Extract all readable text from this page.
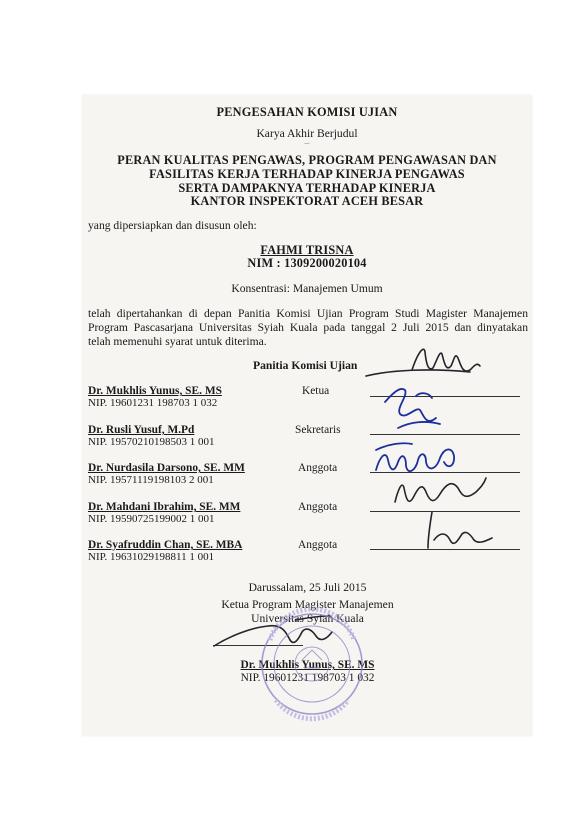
PENGESAHAN KOMISI UJIAN
Karya Akhir Berjudul
–
PERAN KUALITAS PENGAWAS, PROGRAM PENGAWASAN DAN
FASILITAS KERJA TERHADAP KINERJA PENGAWAS
SERTA DAMPAKNYA TERHADAP KINERJA
KANTOR INSPEKTORAT ACEH BESAR
yang dipersiapkan dan disusun oleh:
FAHMI TRISNA
NIM : 1309200020104
Konsentrasi: Manajemen Umum
telah dipertahankan di depan Panitia Komisi Ujian Program Studi Magister Manajemen
Program Pascasarjana Universitas Syiah Kuala pada tanggal 2 Juli 2015 dan dinyatakan
telah memenuhi syarat untuk diterima.
Panitia Komisi Ujian
Dr. Mukhlis Yunus, SE. MS
NIP. 19601231 198703 1 032
Ketua
Dr. Rusli Yusuf, M.Pd
NIP. 19570210198503 1 001
Sekretaris
Dr. Nurdasila Darsono, SE. MM
NIP. 19571119198103 2 001
Anggota
Dr. Mahdani Ibrahim, SE. MM
NIP. 19590725199002 1 001
Anggota
Dr. Syafruddin Chan, SE. MBA
NIP. 19631029198811 1 001
Anggota
Darussalam, 25 Juli 2015
Ketua Program Magister Manajemen
Universitas Syiah Kuala
Dr. Mukhlis Yunus, SE. MS
NIP. 19601231 198703 1 032
